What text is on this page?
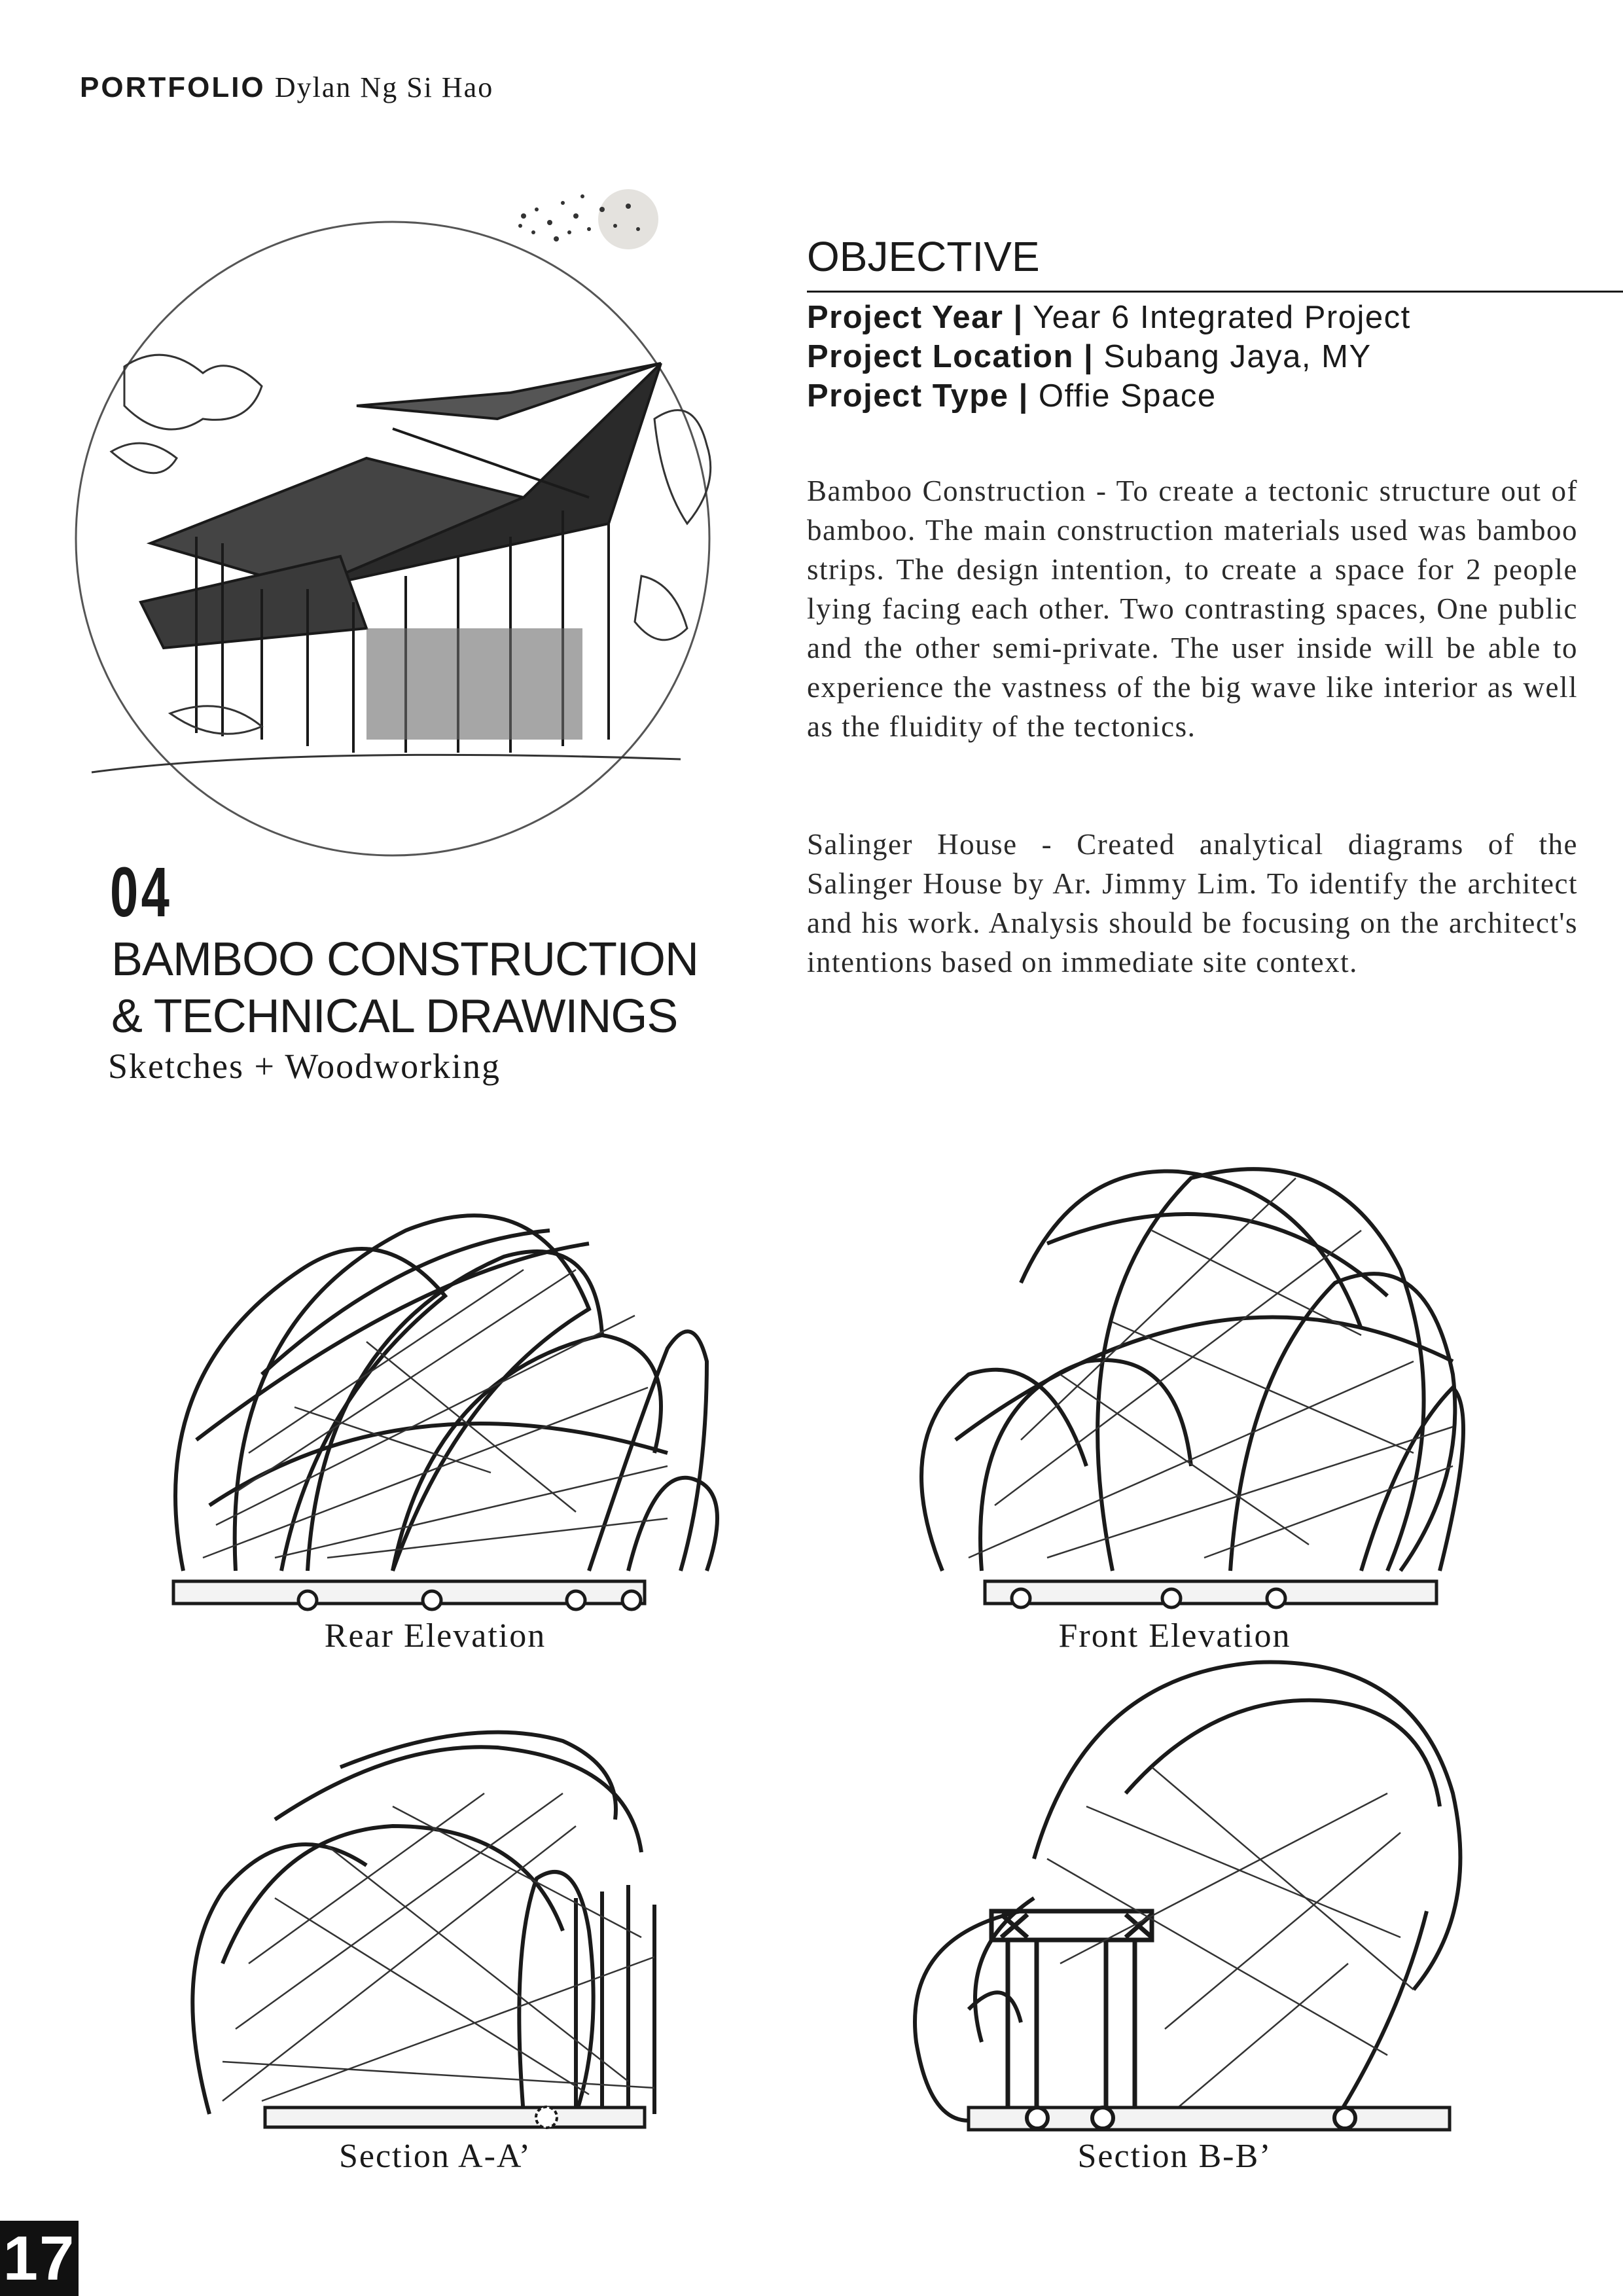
PORTFOLIO Dylan Ng Si Hao
OBJECTIVE
Project Year | Year 6 Integrated Project
Project Location | Subang Jaya, MY
Project Type | Offie Space
Bamboo Construction - To create a tectonic structure out of bamboo. The main construction materials used was bamboo strips. The design intention, to create a space for 2 people lying facing each other. Two contrasting spaces, One public and the other semi-private. The user inside will be able to experience the vastness of the big wave like interior as well as the fluidity of the tectonics.
Salinger House - Created analytical diagrams of the Salinger House by Ar. Jimmy Lim. To identify the architect and his work. Analysis should be focusing on the architect's intentions based on immediate site context.
04
BAMBOO CONSTRUCTION
& TECHNICAL DRAWINGS
Sketches + Woodworking
Rear Elevation	Front Elevation
Section A-A’	Section B-B’
17
